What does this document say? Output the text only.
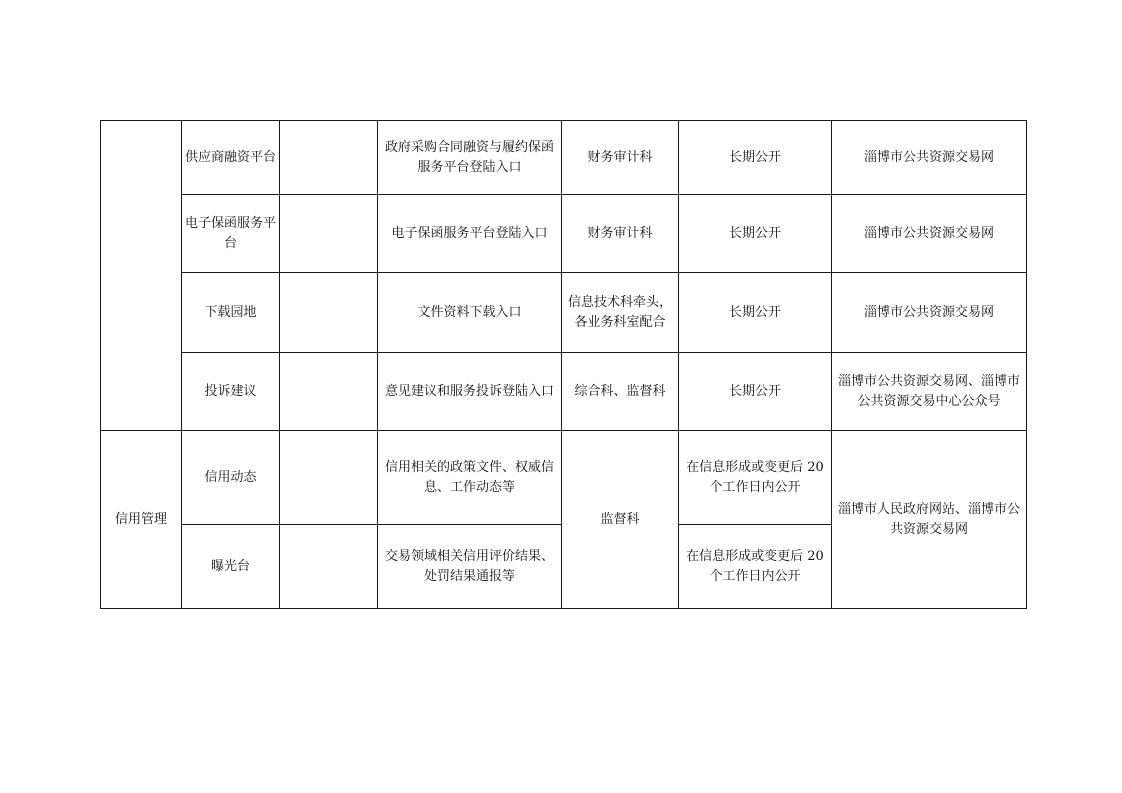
	供应商融资平台		政府采购合同融资与履约保函服务平台登陆入口	财务审计科	长期公开	淄博市公共资源交易网
	电子保函服务平台		电子保函服务平台登陆入口	财务审计科	长期公开	淄博市公共资源交易网
	下载园地		文件资料下载入口	信息技术科牵头，各业务科室配合	长期公开	淄博市公共资源交易网
	投诉建议		意见建议和服务投诉登陆入口	综合科、监督科	长期公开	淄博市公共资源交易网、淄博市公共资源交易中心公众号
信用管理	信用动态		信用相关的政策文件、权威信息、工作动态等	监督科	在信息形成或变更后 20 个工作日内公开	淄博市人民政府网站、淄博市公共资源交易网
	曝光台		交易领域相关信用评价结果、处罚结果通报等		在信息形成或变更后 20 个工作日内公开	
